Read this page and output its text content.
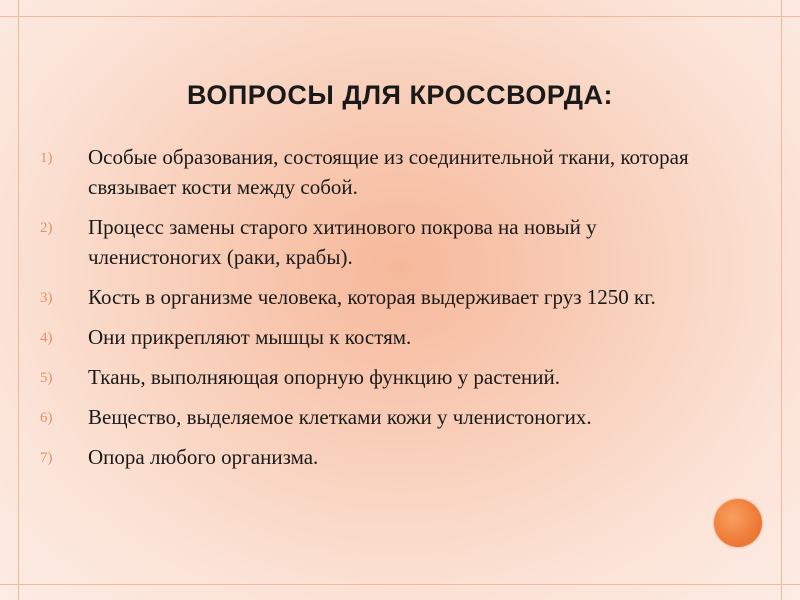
ВОПРОСЫ ДЛЯ КРОССВОРДА:
1)	Особые образования, состоящие из соединительной ткани, которая связывает кости между собой.
2)	Процесс замены старого хитинового покрова на новый у членистоногих (раки, крабы).
3)	Кость в организме человека, которая выдерживает груз 1250 кг.
4)	Они прикрепляют мышцы к костям.
5)	Ткань, выполняющая опорную функцию у растений.
6)	Вещество, выделяемое клетками кожи у членистоногих.
7)	Опора любого организма.
